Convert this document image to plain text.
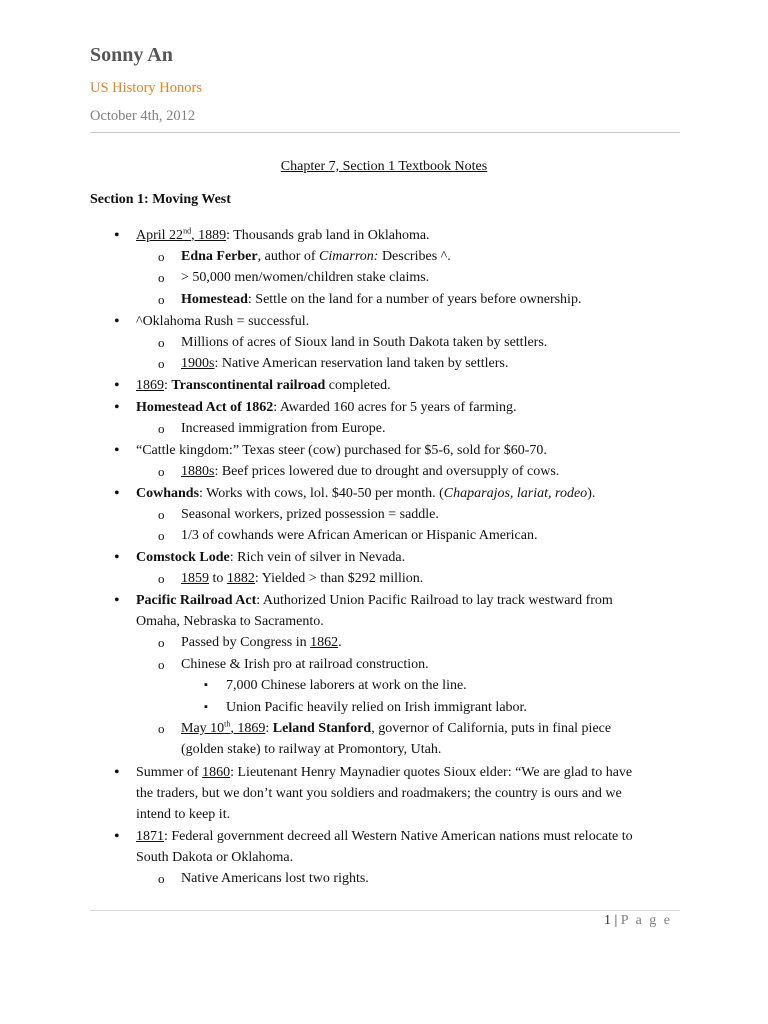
Sonny An
US History Honors
October 4th, 2012
Chapter 7, Section 1 Textbook Notes
Section 1: Moving West
• April 22nd, 1889: Thousands grab land in Oklahoma.
o Edna Ferber, author of Cimarron: Describes ^.
o > 50,000 men/women/children stake claims.
o Homestead: Settle on the land for a number of years before ownership.
• ^Oklahoma Rush = successful.
o Millions of acres of Sioux land in South Dakota taken by settlers.
o 1900s: Native American reservation land taken by settlers.
• 1869: Transcontinental railroad completed.
• Homestead Act of 1862: Awarded 160 acres for 5 years of farming.
o Increased immigration from Europe.
• “Cattle kingdom:” Texas steer (cow) purchased for $5-6, sold for $60-70.
o 1880s: Beef prices lowered due to drought and oversupply of cows.
• Cowhands: Works with cows, lol. $40-50 per month. (Chaparajos, lariat, rodeo).
o Seasonal workers, prized possession = saddle.
o 1/3 of cowhands were African American or Hispanic American.
• Comstock Lode: Rich vein of silver in Nevada.
o 1859 to 1882: Yielded > than $292 million.
• Pacific Railroad Act: Authorized Union Pacific Railroad to lay track westward from
Omaha, Nebraska to Sacramento.
o Passed by Congress in 1862.
o Chinese & Irish pro at railroad construction.
▪ 7,000 Chinese laborers at work on the line.
▪ Union Pacific heavily relied on Irish immigrant labor.
o May 10th, 1869: Leland Stanford, governor of California, puts in final piece
(golden stake) to railway at Promontory, Utah.
• Summer of 1860: Lieutenant Henry Maynadier quotes Sioux elder: “We are glad to have
the traders, but we don’t want you soldiers and roadmakers; the country is ours and we
intend to keep it.
• 1871: Federal government decreed all Western Native American nations must relocate to
South Dakota or Oklahoma.
o Native Americans lost two rights.
1 | P a g e
